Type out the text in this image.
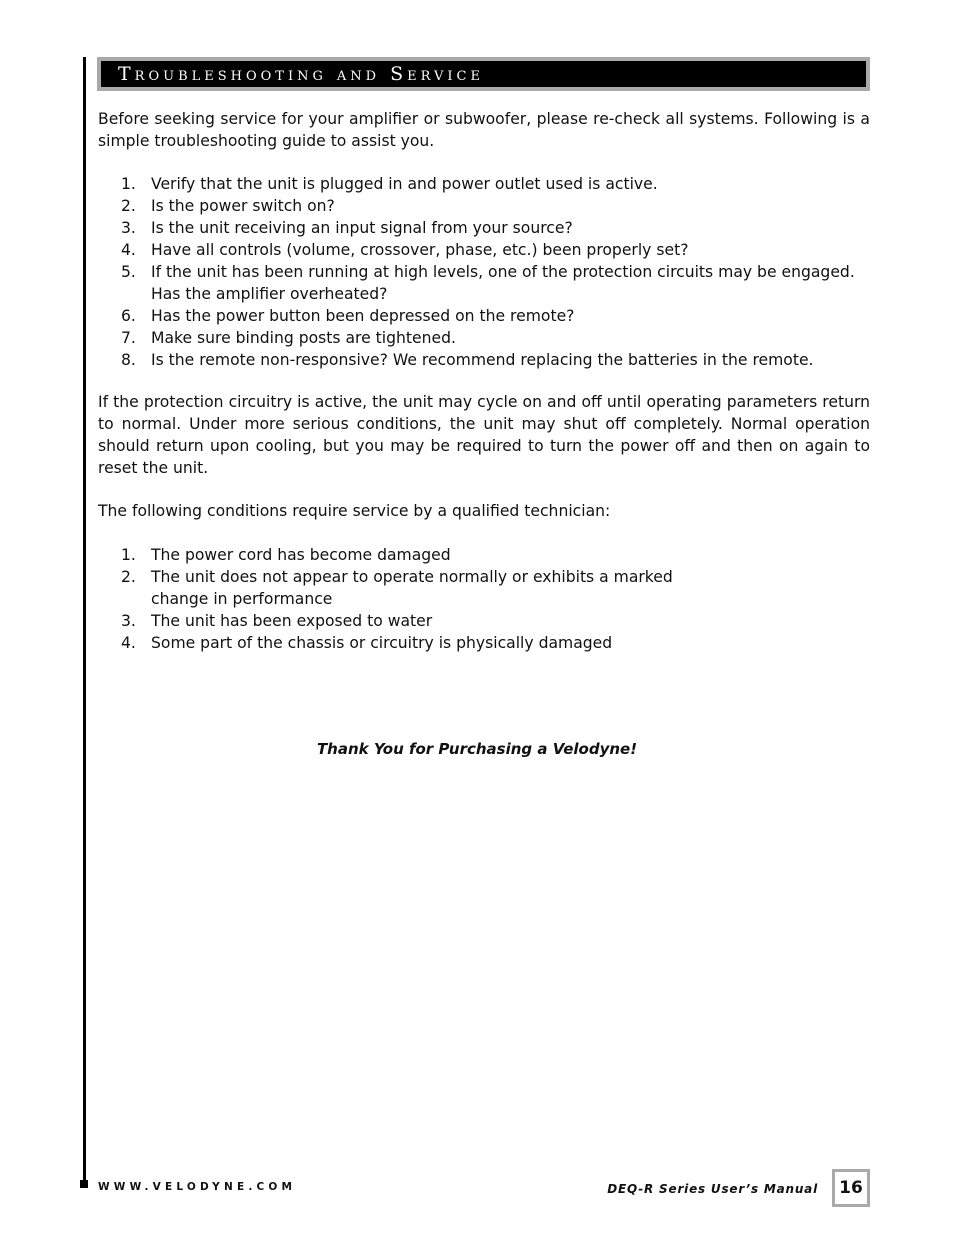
Troubleshooting and Service

Before seeking service for your amplifier or subwoofer, please re-check all systems. Following is a simple troubleshooting guide to assist you.

1. Verify that the unit is plugged in and power outlet used is active.
2. Is the power switch on?
3. Is the unit receiving an input signal from your source?
4. Have all controls (volume, crossover, phase, etc.) been properly set?
5. If the unit has been running at high levels, one of the protection circuits may be engaged. Has the amplifier overheated?
6. Has the power button been depressed on the remote?
7. Make sure binding posts are tightened.
8. Is the remote non-responsive? We recommend replacing the batteries in the remote.

If the protection circuitry is active, the unit may cycle on and off until operating parameters return to normal. Under more serious conditions, the unit may shut off completely. Normal operation should return upon cooling, but you may be required to turn the power off and then on again to reset the unit.

The following conditions require service by a qualified technician:

1. The power cord has become damaged
2. The unit does not appear to operate normally or exhibits a marked change in performance
3. The unit has been exposed to water
4. Some part of the chassis or circuitry is physically damaged
Thank You for Purchasing a Velodyne!
WWW.VELODYNE.COM	DEQ-R Series User’s Manual 16
